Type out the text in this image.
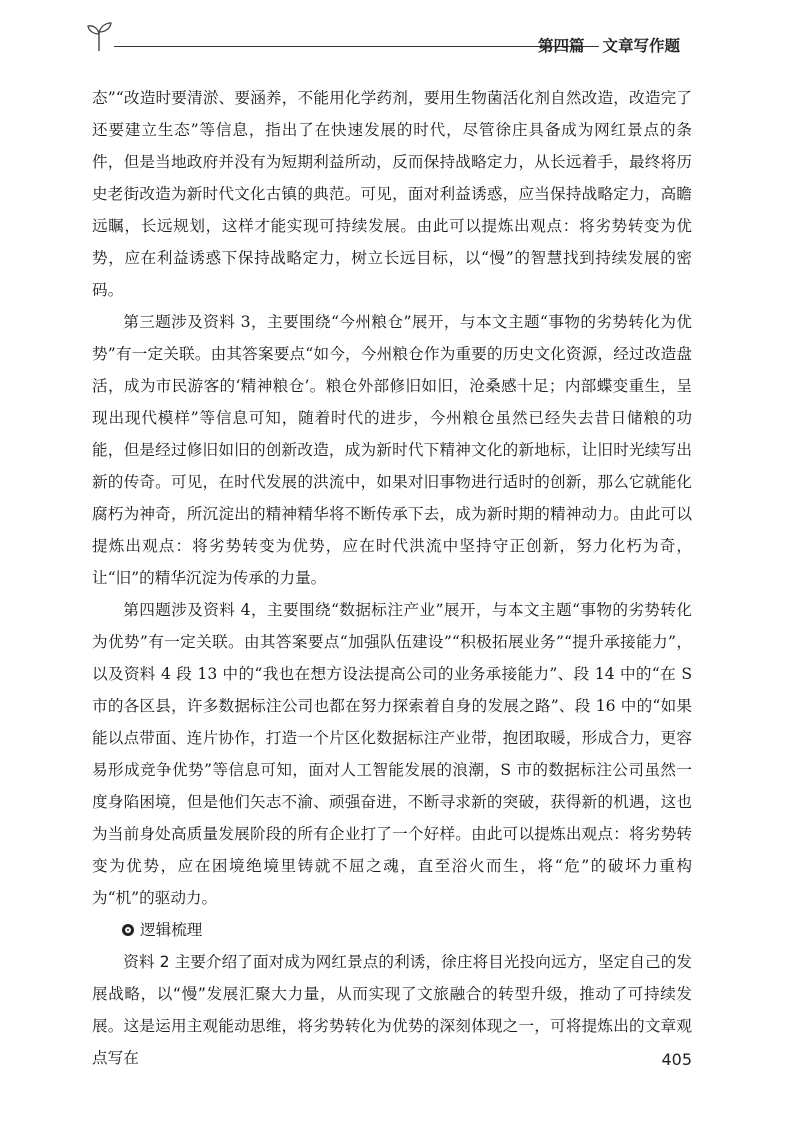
第四篇 文章写作题

态”“改造时要清淤、要涵养，不能用化学药剂，要用生物菌活化剂自然改造，改造完了还要建立生态”等信息，指出了在快速发展的时代，尽管徐庄具备成为网红景点的条件，但是当地政府并没有为短期利益所动，反而保持战略定力，从长远着手，最终将历史老街改造为新时代文化古镇的典范。可见，面对利益诱惑，应当保持战略定力，高瞻远瞩，长远规划，这样才能实现可持续发展。由此可以提炼出观点：将劣势转变为优势，应在利益诱惑下保持战略定力，树立长远目标，以“慢”的智慧找到持续发展的密码。

第三题涉及资料 3，主要围绕“今州粮仓”展开，与本文主题“事物的劣势转化为优势”有一定关联。由其答案要点“如今，今州粮仓作为重要的历史文化资源，经过改造盘活，成为市民游客的‘精神粮仓’。粮仓外部修旧如旧，沧桑感十足；内部蝶变重生，呈现出现代模样”等信息可知，随着时代的进步，今州粮仓虽然已经失去昔日储粮的功能，但是经过修旧如旧的创新改造，成为新时代下精神文化的新地标，让旧时光续写出新的传奇。可见，在时代发展的洪流中，如果对旧事物进行适时的创新，那么它就能化腐朽为神奇，所沉淀出的精神精华将不断传承下去，成为新时期的精神动力。由此可以提炼出观点：将劣势转变为优势，应在时代洪流中坚持守正创新，努力化朽为奇，让“旧”的精华沉淀为传承的力量。

第四题涉及资料 4，主要围绕“数据标注产业”展开，与本文主题“事物的劣势转化为优势”有一定关联。由其答案要点“加强队伍建设”“积极拓展业务”“提升承接能力”，以及资料 4 段 13 中的“我也在想方设法提高公司的业务承接能力”、段 14 中的“在 S 市的各区县，许多数据标注公司也都在努力探索着自身的发展之路”、段 16 中的“如果能以点带面、连片协作，打造一个片区化数据标注产业带，抱团取暖，形成合力，更容易形成竞争优势”等信息可知，面对人工智能发展的浪潮，S 市的数据标注公司虽然一度身陷困境，但是他们矢志不渝、顽强奋进，不断寻求新的突破，获得新的机遇，这也为当前身处高质量发展阶段的所有企业打了一个好样。由此可以提炼出观点：将劣势转变为优势，应在困境绝境里铸就不屈之魂，直至浴火而生，将“危”的破坏力重构为“机”的驱动力。

逻辑梳理

资料 2 主要介绍了面对成为网红景点的利诱，徐庄将目光投向远方，坚定自己的发展战略，以“慢”发展汇聚大力量，从而实现了文旅融合的转型升级，推动了可持续发展。这是运用主观能动思维，将劣势转化为优势的深刻体现之一，可将提炼出的文章观点写在	405
